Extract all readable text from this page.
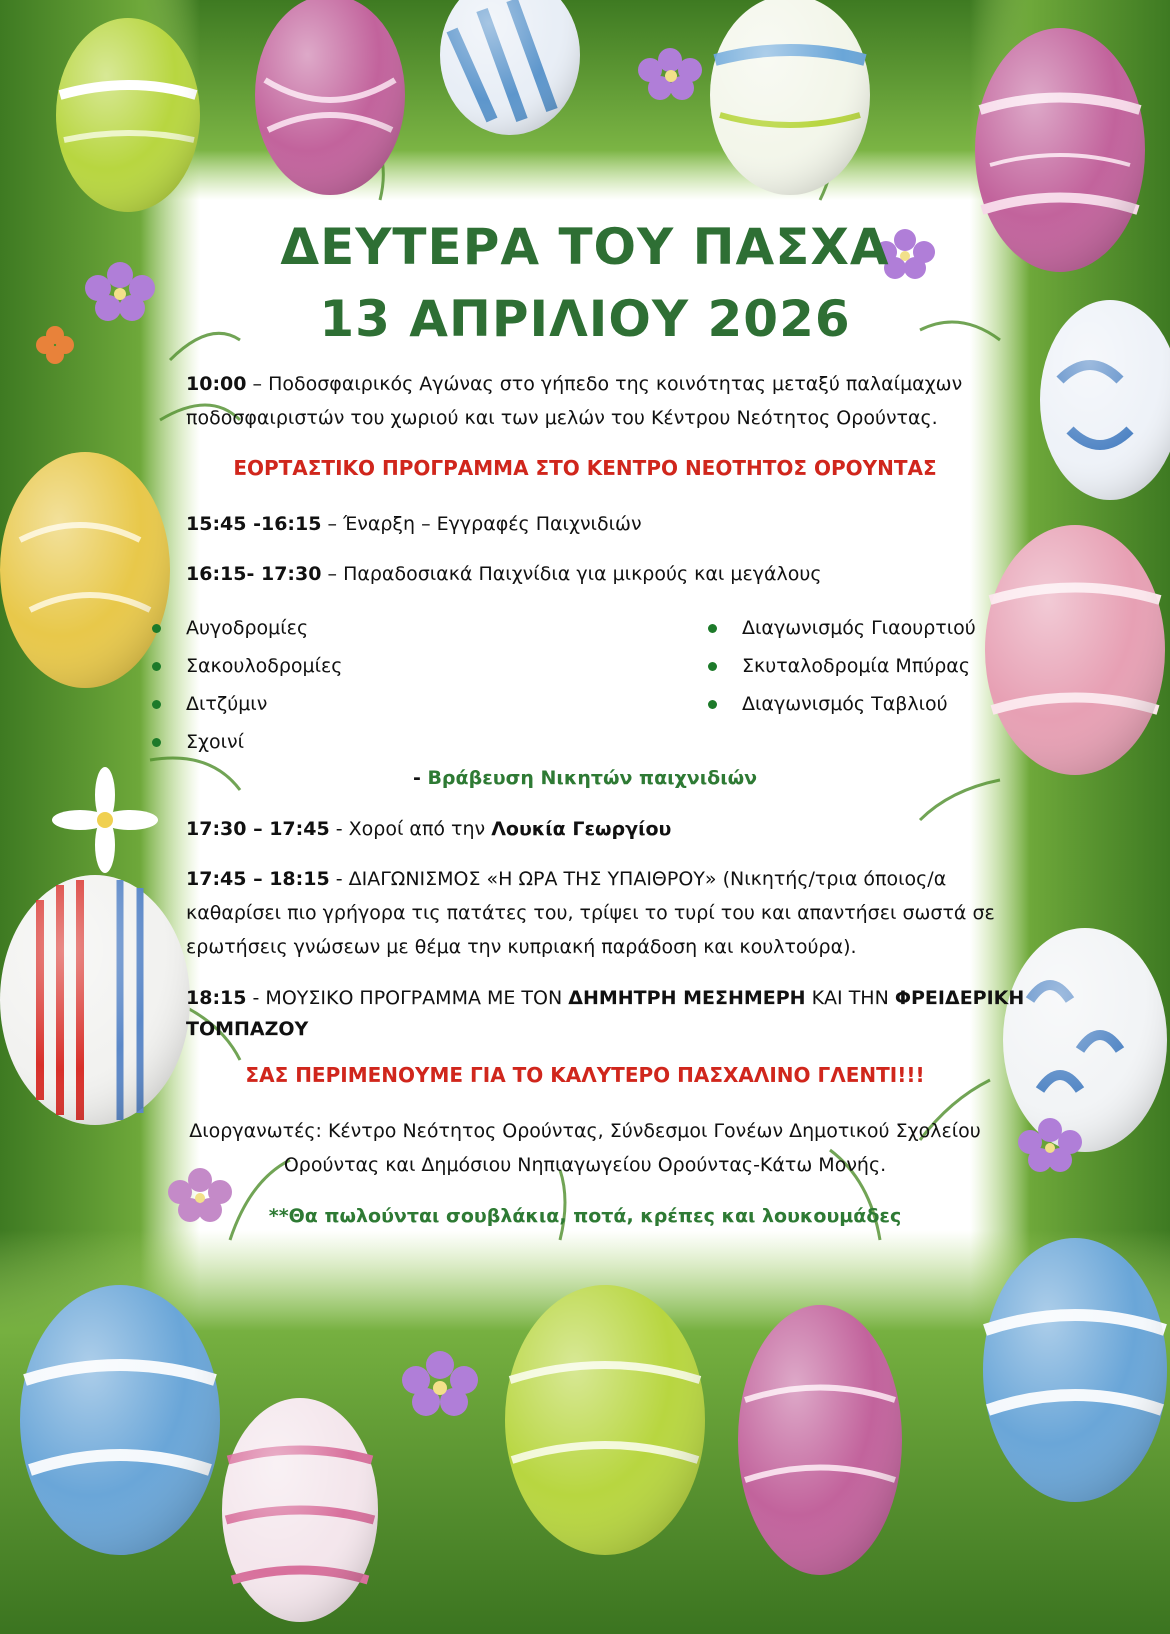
ΔΕΥΤΕΡΑ ΤΟΥ ΠΑΣΧΑ
13 ΑΠΡΙΛΙΟΥ 2026
10:00 – Ποδοσφαιρικός Αγώνας στο γήπεδο της κοινότητας μεταξύ παλαίμαχων
ποδοσφαιριστών του χωριού και των μελών του Κέντρου Νεότητος Ορούντας.
ΕΟΡΤΑΣΤΙΚΟ ΠΡΟΓΡΑΜΜΑ ΣΤΟ ΚΕΝΤΡΟ ΝΕΟΤΗΤΟΣ ΟΡΟΥΝΤΑΣ
15:45 -16:15 – Έναρξη – Εγγραφές Παιχνιδιών
16:15- 17:30 – Παραδοσιακά Παιχνίδια για μικρούς και μεγάλους
Αυγοδρομίες
Σακουλοδρομίες
Διτζύμιν
Σχοινί
Διαγωνισμός Γιαουρτιού
Σκυταλοδρομία Μπύρας
Διαγωνισμός Ταβλιού
- Βράβευση Νικητών παιχνιδιών
17:30 – 17:45 - Χοροί από την Λουκία Γεωργίου
17:45 – 18:15 - ΔΙΑΓΩΝΙΣΜΟΣ «Η ΩΡΑ ΤΗΣ ΥΠΑΙΘΡΟΥ» (Νικητής/τρια όποιος/α
καθαρίσει πιο γρήγορα τις πατάτες του, τρίψει το τυρί του και απαντήσει σωστά σε
ερωτήσεις γνώσεων με θέμα την κυπριακή παράδοση και κουλτούρα).
18:15 - ΜΟΥΣΙΚΟ ΠΡΟΓΡΑΜΜΑ ΜΕ ΤΟΝ ΔΗΜΗΤΡΗ ΜΕΣΗΜΕΡΗ ΚΑΙ ΤΗΝ ΦΡΕΙΔΕΡΙΚΗ
ΤΟΜΠΑΖΟΥ
ΣΑΣ ΠΕΡΙΜΕΝΟΥΜΕ ΓΙΑ ΤΟ ΚΑΛΥΤΕΡΟ ΠΑΣΧΑΛΙΝΟ ΓΛΕΝΤΙ!!!
Διοργανωτές: Κέντρο Νεότητος Ορούντας, Σύνδεσμοι Γονέων Δημοτικού Σχολείου
Ορούντας και Δημόσιου Νηπιαγωγείου Ορούντας-Κάτω Μονής.
**Θα πωλούνται σουβλάκια, ποτά, κρέπες και λουκουμάδες
